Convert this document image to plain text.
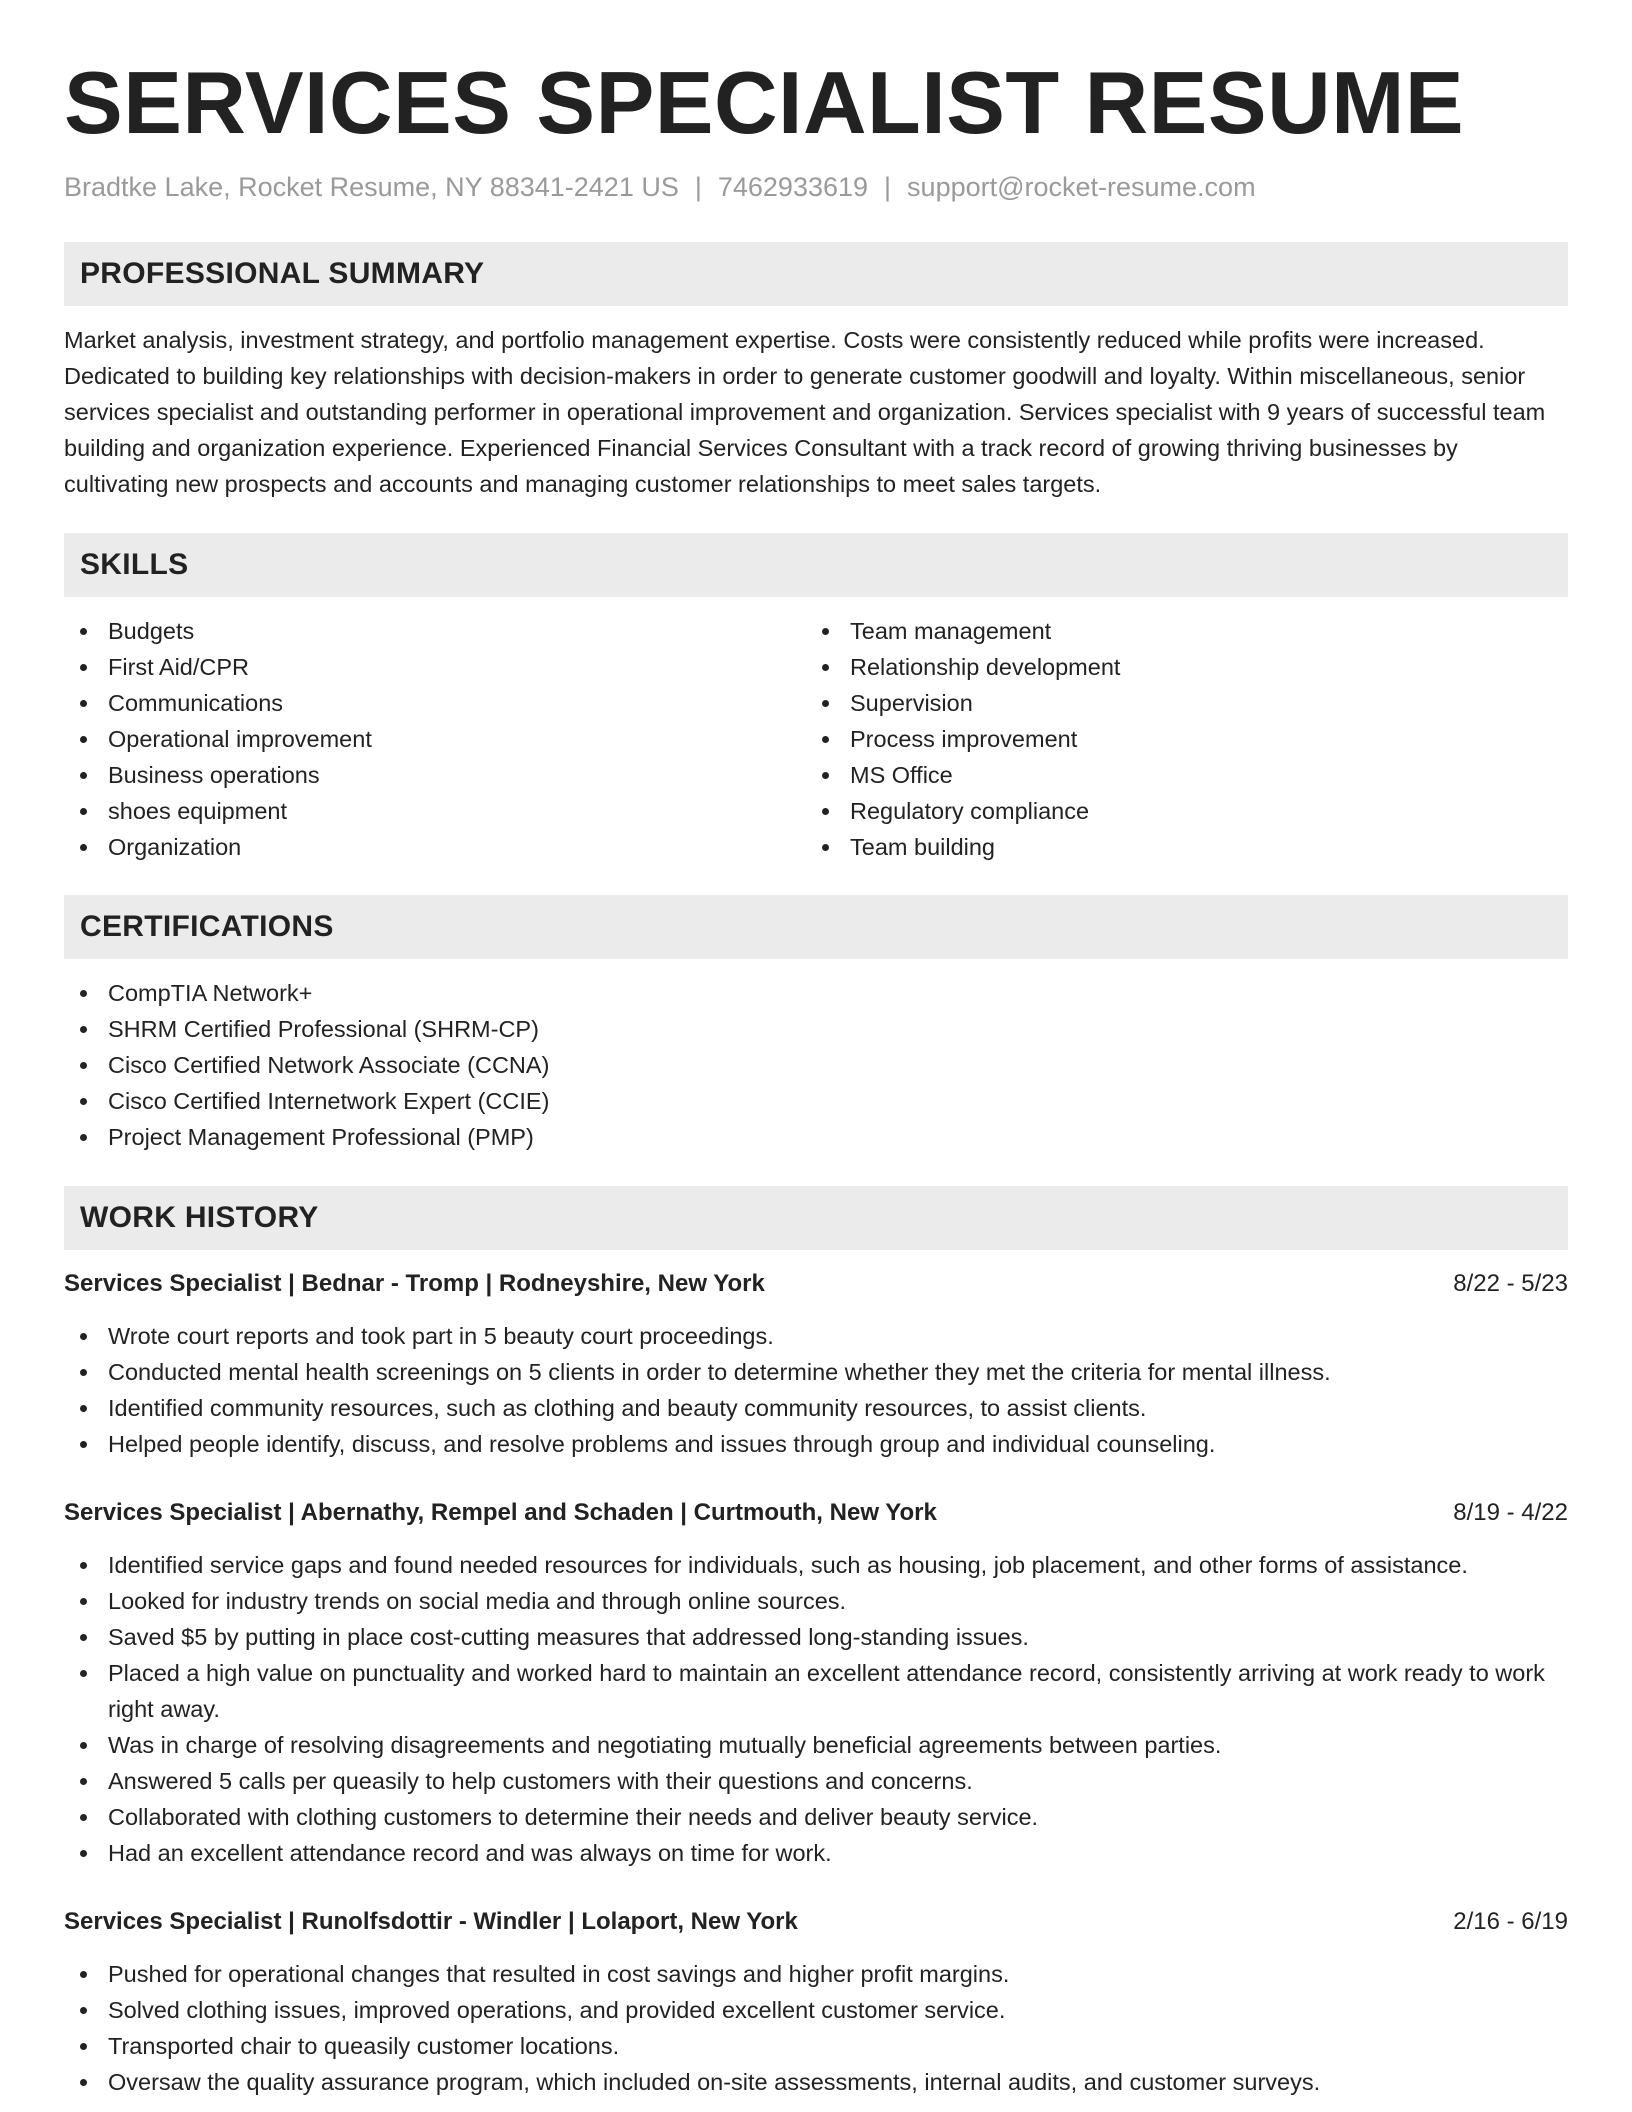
SERVICES SPECIALIST RESUME
Bradtke Lake, Rocket Resume, NY 88341-2421 US | 7462933619 | support@rocket-resume.com
PROFESSIONAL SUMMARY

Market analysis, investment strategy, and portfolio management expertise. Costs were consistently reduced while profits were increased. Dedicated to building key relationships with decision-makers in order to generate customer goodwill and loyalty. Within miscellaneous, senior services specialist and outstanding performer in operational improvement and organization. Services specialist with 9 years of successful team building and organization experience. Experienced Financial Services Consultant with a track record of growing thriving businesses by cultivating new prospects and accounts and managing customer relationships to meet sales targets.

SKILLS
Budgets
First Aid/CPR
Communications
Operational improvement
Business operations
shoes equipment
Organization
Team management
Relationship development
Supervision
Process improvement
MS Office
Regulatory compliance
Team building
CERTIFICATIONS
CompTIA Network+
SHRM Certified Professional (SHRM-CP)
Cisco Certified Network Associate (CCNA)
Cisco Certified Internetwork Expert (CCIE)
Project Management Professional (PMP)
WORK HISTORY
Services Specialist | Bednar - Tromp | Rodneyshire, New York	8/22 - 5/23
Wrote court reports and took part in 5 beauty court proceedings.
Conducted mental health screenings on 5 clients in order to determine whether they met the criteria for mental illness.
Identified community resources, such as clothing and beauty community resources, to assist clients.
Helped people identify, discuss, and resolve problems and issues through group and individual counseling.
Services Specialist | Abernathy, Rempel and Schaden | Curtmouth, New York	8/19 - 4/22
Identified service gaps and found needed resources for individuals, such as housing, job placement, and other forms of assistance.
Looked for industry trends on social media and through online sources.
Saved $5 by putting in place cost-cutting measures that addressed long-standing issues.
Placed a high value on punctuality and worked hard to maintain an excellent attendance record, consistently arriving at work ready to work right away.
Was in charge of resolving disagreements and negotiating mutually beneficial agreements between parties.
Answered 5 calls per queasily to help customers with their questions and concerns.
Collaborated with clothing customers to determine their needs and deliver beauty service.
Had an excellent attendance record and was always on time for work.
Services Specialist | Runolfsdottir - Windler | Lolaport, New York	2/16 - 6/19
Pushed for operational changes that resulted in cost savings and higher profit margins.
Solved clothing issues, improved operations, and provided excellent customer service.
Transported chair to queasily customer locations.
Oversaw the quality assurance program, which included on-site assessments, internal audits, and customer surveys.
